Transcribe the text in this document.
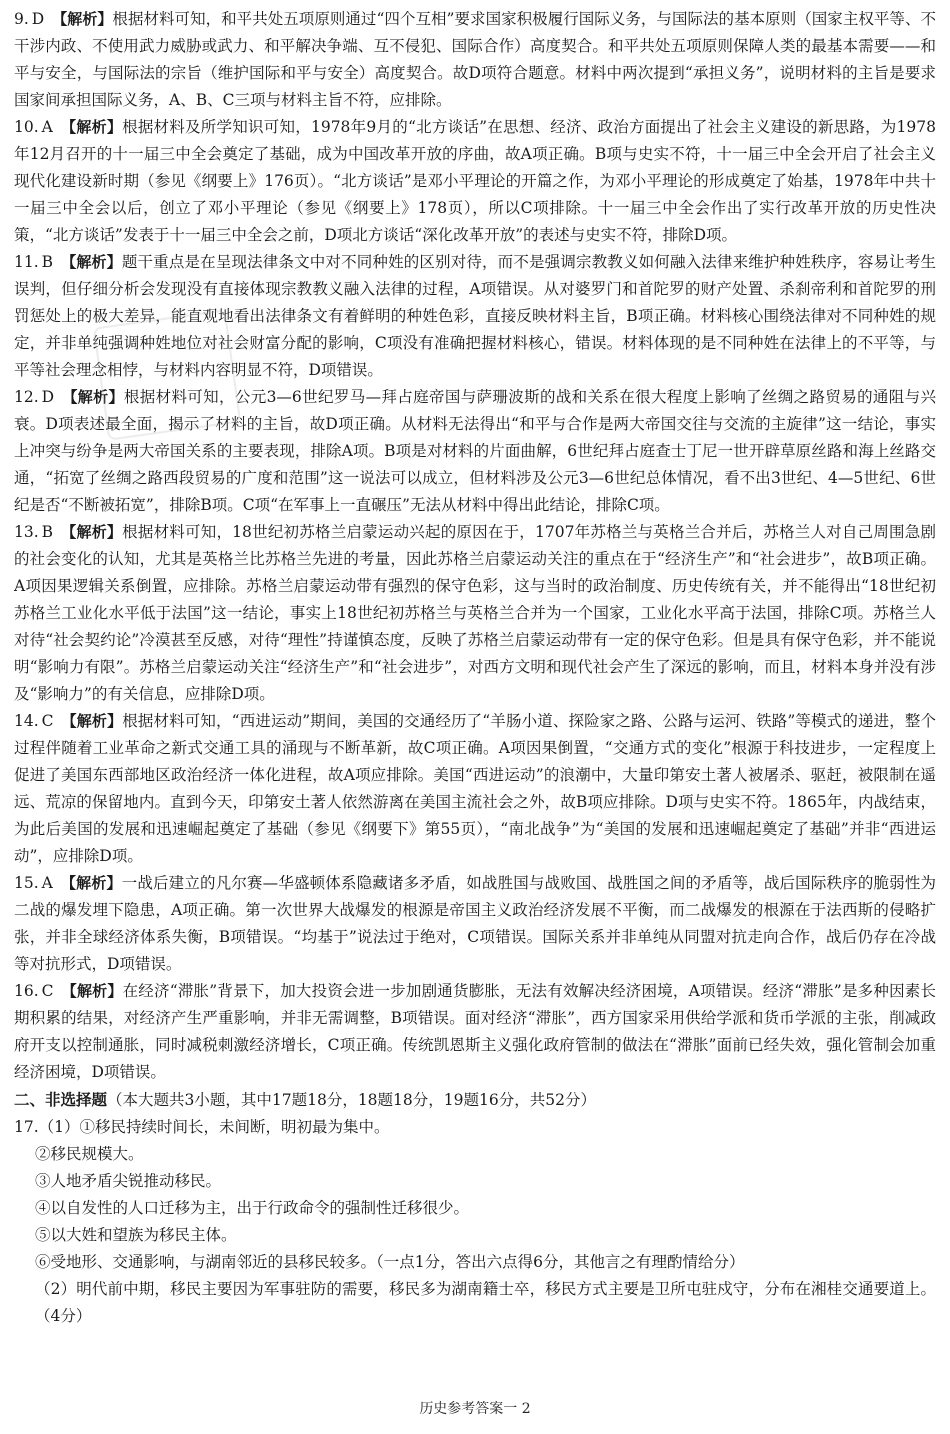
9. D 【解析】根据材料可知，和平共处五项原则通过“四个互相”要求国家积极履行国际义务，与国际法的基本原则（国家主权平等、不干涉内政、不使用武力威胁或武力、和平解决争端、互不侵犯、国际合作）高度契合。和平共处五项原则保障人类的最基本需要——和平与安全，与国际法的宗旨（维护国际和平与安全）高度契合。故D项符合题意。材料中两次提到“承担义务”，说明材料的主旨是要求国家间承担国际义务，A、B、C三项与材料主旨不符，应排除。

10. A 【解析】根据材料及所学知识可知，1978年9月的“北方谈话”在思想、经济、政治方面提出了社会主义建设的新思路，为1978年12月召开的十一届三中全会奠定了基础，成为中国改革开放的序曲，故A项正确。B项与史实不符，十一届三中全会开启了社会主义现代化建设新时期（参见《纲要上》176页）。“北方谈话”是邓小平理论的开篇之作，为邓小平理论的形成奠定了始基，1978年中共十一届三中全会以后，创立了邓小平理论（参见《纲要上》178页），所以C项排除。十一届三中全会作出了实行改革开放的历史性决策，“北方谈话”发表于十一届三中全会之前，D项北方谈话“深化改革开放”的表述与史实不符，排除D项。

11. B 【解析】题干重点是在呈现法律条文中对不同种姓的区别对待，而不是强调宗教教义如何融入法律来维护种姓秩序，容易让考生误判，但仔细分析会发现没有直接体现宗教教义融入法律的过程，A项错误。从对婆罗门和首陀罗的财产处置、杀刹帝利和首陀罗的刑罚惩处上的极大差异，能直观地看出法律条文有着鲜明的种姓色彩，直接反映材料主旨，B项正确。材料核心围绕法律对不同种姓的规定，并非单纯强调种姓地位对社会财富分配的影响，C项没有准确把握材料核心，错误。材料体现的是不同种姓在法律上的不平等，与平等社会理念相悖，与材料内容明显不符，D项错误。

12. D 【解析】根据材料可知，公元3—6世纪罗马—拜占庭帝国与萨珊波斯的战和关系在很大程度上影响了丝绸之路贸易的通阻与兴衰。D项表述最全面，揭示了材料的主旨，故D项正确。从材料无法得出“和平与合作是两大帝国交往与交流的主旋律”这一结论，事实上冲突与纷争是两大帝国关系的主要表现，排除A项。B项是对材料的片面曲解，6世纪拜占庭查士丁尼一世开辟草原丝路和海上丝路交通，“拓宽了丝绸之路西段贸易的广度和范围”这一说法可以成立，但材料涉及公元3—6世纪总体情况，看不出3世纪、4—5世纪、6世纪是否“不断被拓宽”，排除B项。C项“在军事上一直碾压”无法从材料中得出此结论，排除C项。

13. B 【解析】根据材料可知，18世纪初苏格兰启蒙运动兴起的原因在于，1707年苏格兰与英格兰合并后，苏格兰人对自己周围急剧的社会变化的认知，尤其是英格兰比苏格兰先进的考量，因此苏格兰启蒙运动关注的重点在于“经济生产”和“社会进步”，故B项正确。A项因果逻辑关系倒置，应排除。苏格兰启蒙运动带有强烈的保守色彩，这与当时的政治制度、历史传统有关，并不能得出“18世纪初苏格兰工业化水平低于法国”这一结论，事实上18世纪初苏格兰与英格兰合并为一个国家，工业化水平高于法国，排除C项。苏格兰人对待“社会契约论”冷漠甚至反感，对待“理性”持谨慎态度，反映了苏格兰启蒙运动带有一定的保守色彩。但是具有保守色彩，并不能说明“影响力有限”。苏格兰启蒙运动关注“经济生产”和“社会进步”，对西方文明和现代社会产生了深远的影响，而且，材料本身并没有涉及“影响力”的有关信息，应排除D项。

14. C 【解析】根据材料可知，“西进运动”期间，美国的交通经历了“羊肠小道、探险家之路、公路与运河、铁路”等模式的递进，整个过程伴随着工业革命之新式交通工具的涌现与不断革新，故C项正确。A项因果倒置，“交通方式的变化”根源于科技进步，一定程度上促进了美国东西部地区政治经济一体化进程，故A项应排除。美国“西进运动”的浪潮中，大量印第安土著人被屠杀、驱赶，被限制在遥远、荒凉的保留地内。直到今天，印第安土著人依然游离在美国主流社会之外，故B项应排除。D项与史实不符。1865年，内战结束，为此后美国的发展和迅速崛起奠定了基础（参见《纲要下》第55页），“南北战争”为“美国的发展和迅速崛起奠定了基础”并非“西进运动”，应排除D项。

15. A 【解析】一战后建立的凡尔赛—华盛顿体系隐藏诸多矛盾，如战胜国与战败国、战胜国之间的矛盾等，战后国际秩序的脆弱性为二战的爆发埋下隐患，A项正确。第一次世界大战爆发的根源是帝国主义政治经济发展不平衡，而二战爆发的根源在于法西斯的侵略扩张，并非全球经济体系失衡，B项错误。“均基于”说法过于绝对，C项错误。国际关系并非单纯从同盟对抗走向合作，战后仍存在冷战等对抗形式，D项错误。

16. C 【解析】在经济“滞胀”背景下，加大投资会进一步加剧通货膨胀，无法有效解决经济困境，A项错误。经济“滞胀”是多种因素长期积累的结果，对经济产生严重影响，并非无需调整，B项错误。面对经济“滞胀”，西方国家采用供给学派和货币学派的主张，削减政府开支以控制通胀，同时减税刺激经济增长，C项正确。传统凯恩斯主义强化政府管制的做法在“滞胀”面前已经失效，强化管制会加重经济困境，D项错误。

二、非选择题（本大题共3小题，其中17题18分，18题18分，19题16分，共52分）

17.（1）①移民持续时间长，未间断，明初最为集中。

②移民规模大。

③人地矛盾尖锐推动移民。

④以自发性的人口迁移为主，出于行政命令的强制性迁移很少。

⑤以大姓和望族为移民主体。

⑥受地形、交通影响，与湖南邻近的县移民较多。（一点1分，答出六点得6分，其他言之有理酌情给分）

（2）明代前中期，移民主要因为军事驻防的需要，移民多为湖南籍士卒，移民方式主要是卫所屯驻戍守，分布在湘桂交通要道上。（4分）

历史参考答案一 2
